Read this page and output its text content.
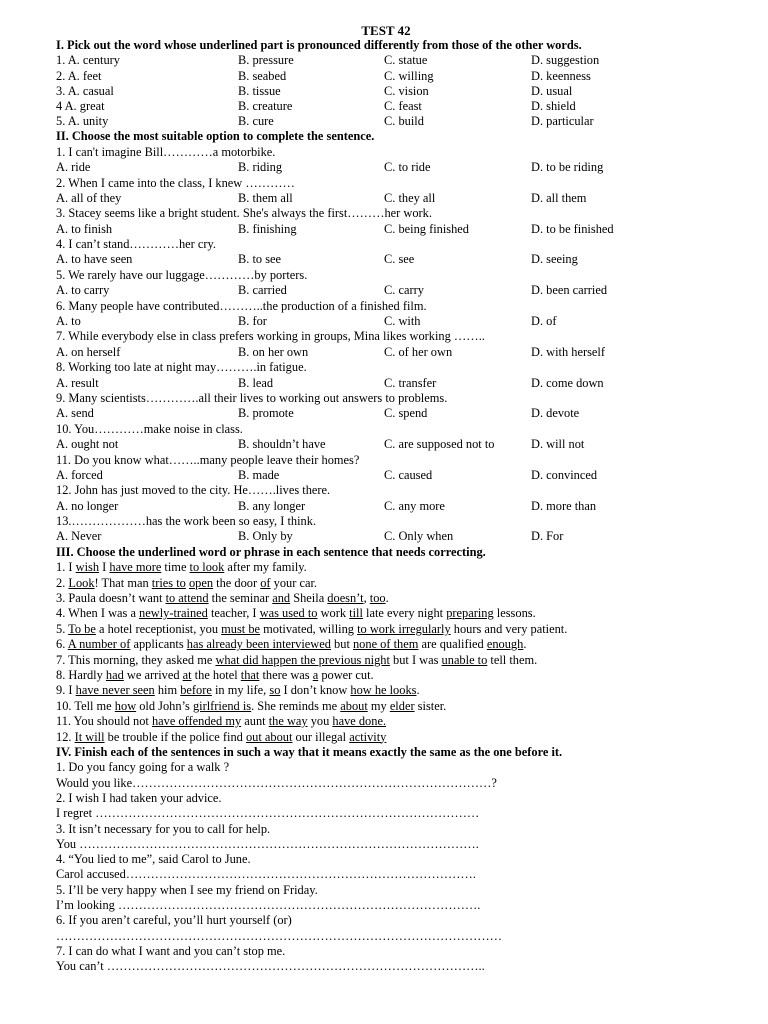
TEST 42
I. Pick out the word whose underlined part is pronounced differently from those of the other words.
1. A. century	B. pressure	C. statue	D. suggestion
2. A. feet	B. seabed	C. willing	D. keenness
3. A. casual	B. tissue	C. vision	D. usual
4 A. great	B. creature	C. feast	D. shield
5. A. unity	B. cure	C. build	D. particular
II. Choose the most suitable option to complete the sentence.
1. I can't imagine Bill…………a motorbike.
A. ride	B. riding	C. to ride	D. to be riding
2. When I came into the class, I knew …………
A. all of they	B. them all	C. they all	D. all them
3. Stacey seems like a bright student. She's always the first………her work.
A. to finish	B. finishing	C. being finished	D. to be finished
4. I can’t stand…………her cry.
A. to have seen	B. to see	C. see	D. seeing
5. We rarely have our luggage…………by porters.
A. to carry	B. carried	C. carry	D. been carried
6. Many people have contributed………..the production of a finished film.
A. to	B. for	C. with	D. of
7. While everybody else in class prefers working in groups, Mina likes working ……..
A. on herself	B. on her own	C. of her own	D. with herself
8. Working too late at night may……….in fatigue.
A. result	B. lead	C. transfer	D. come down
9. Many scientists………….all their lives to working out answers to problems.
A. send	B. promote	C. spend	D. devote
10. You…………make noise in class.
A. ought not	B. shouldn’t have	C. are supposed not to	D. will not
11. Do you know what……..many people leave their homes?
A. forced	B. made	C. caused	D. convinced
12. John has just moved to the city. He…….lives there.
A. no longer	B. any longer	C. any more	D. more than
13.………………has the work been so easy, I think.
A. Never	B. Only by	C. Only when	D. For
III. Choose the underlined word or phrase in each sentence that needs correcting.
1. I wish I have more time to look after my family.
2. Look! That man tries to open the door of your car.
3. Paula doesn’t want to attend the seminar and Sheila doesn’t, too.
4. When I was a newly-trained teacher, I was used to work till late every night preparing lessons.
5. To be a hotel receptionist, you must be motivated, willing to work irregularly hours and very patient.
6. A number of applicants has already been interviewed but none of them are qualified enough.
7. This morning, they asked me what did happen the previous night but I was unable to tell them.
8. Hardly had we arrived at the hotel that there was a power cut.
9. I have never seen him before in my life, so I don’t know how he looks.
10. Tell me how old John’s girlfriend is. She reminds me about my elder sister.
11. You should not have offended my aunt the way you have done.
12. It will be trouble if the police find out about our illegal activity
IV. Finish each of the sentences in such a way that it means exactly the same as the one before it.
1. Do you fancy going for a walk ?
Would you like……………………………………………………………………………?
2. I wish I had taken your advice.
I regret …………………………………………………………………………………
3. It isn’t necessary for you to call for help.
You …………………………………………………………………………………….
4. “You lied to me”, said Carol to June.
Carol accused………………………………………………………………………….
5. I’ll be very happy when I see my friend on Friday.
I’m looking …………………………………………………………………………….
6. If you aren’t careful, you’ll hurt yourself (or)
………………………………………………………………………………………………
7. I can do what I want and you can’t stop me.
You can’t ………………………………………………………………………………..
